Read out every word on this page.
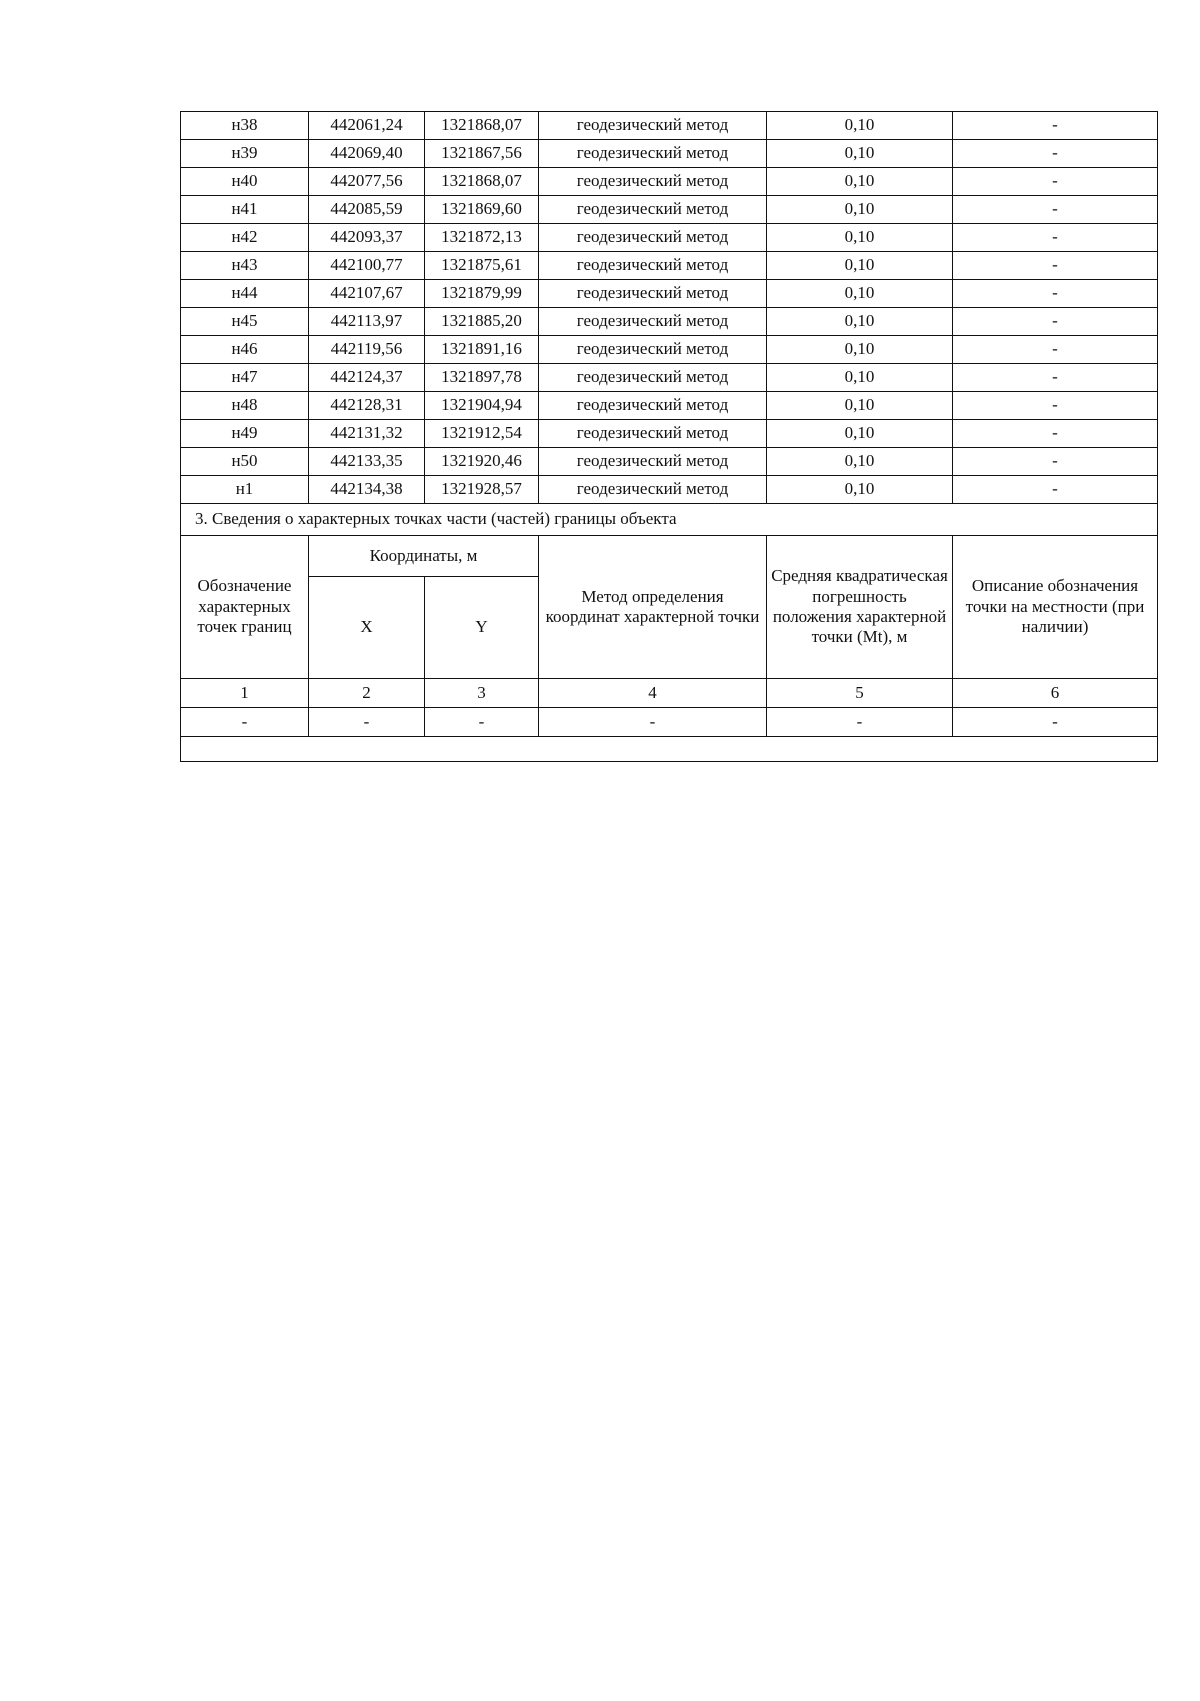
н38	442061,24	1321868,07	геодезический метод	0,10	-
н39	442069,40	1321867,56	геодезический метод	0,10	-
н40	442077,56	1321868,07	геодезический метод	0,10	-
н41	442085,59	1321869,60	геодезический метод	0,10	-
н42	442093,37	1321872,13	геодезический метод	0,10	-
н43	442100,77	1321875,61	геодезический метод	0,10	-
н44	442107,67	1321879,99	геодезический метод	0,10	-
н45	442113,97	1321885,20	геодезический метод	0,10	-
н46	442119,56	1321891,16	геодезический метод	0,10	-
н47	442124,37	1321897,78	геодезический метод	0,10	-
н48	442128,31	1321904,94	геодезический метод	0,10	-
н49	442131,32	1321912,54	геодезический метод	0,10	-
н50	442133,35	1321920,46	геодезический метод	0,10	-
н1	442134,38	1321928,57	геодезический метод	0,10	-
3. Сведения о характерных точках части (частей) границы объекта					
Обозначение характерных точек границ	Координаты, м		Метод определения координат характерной точки	Средняя квадратическая погрешность положения характерной точки (Mt), м	Описание обозначения точки на местности (при наличии)
	X	Y			
1	2	3	4	5	6
-	-	-	-	-	-
